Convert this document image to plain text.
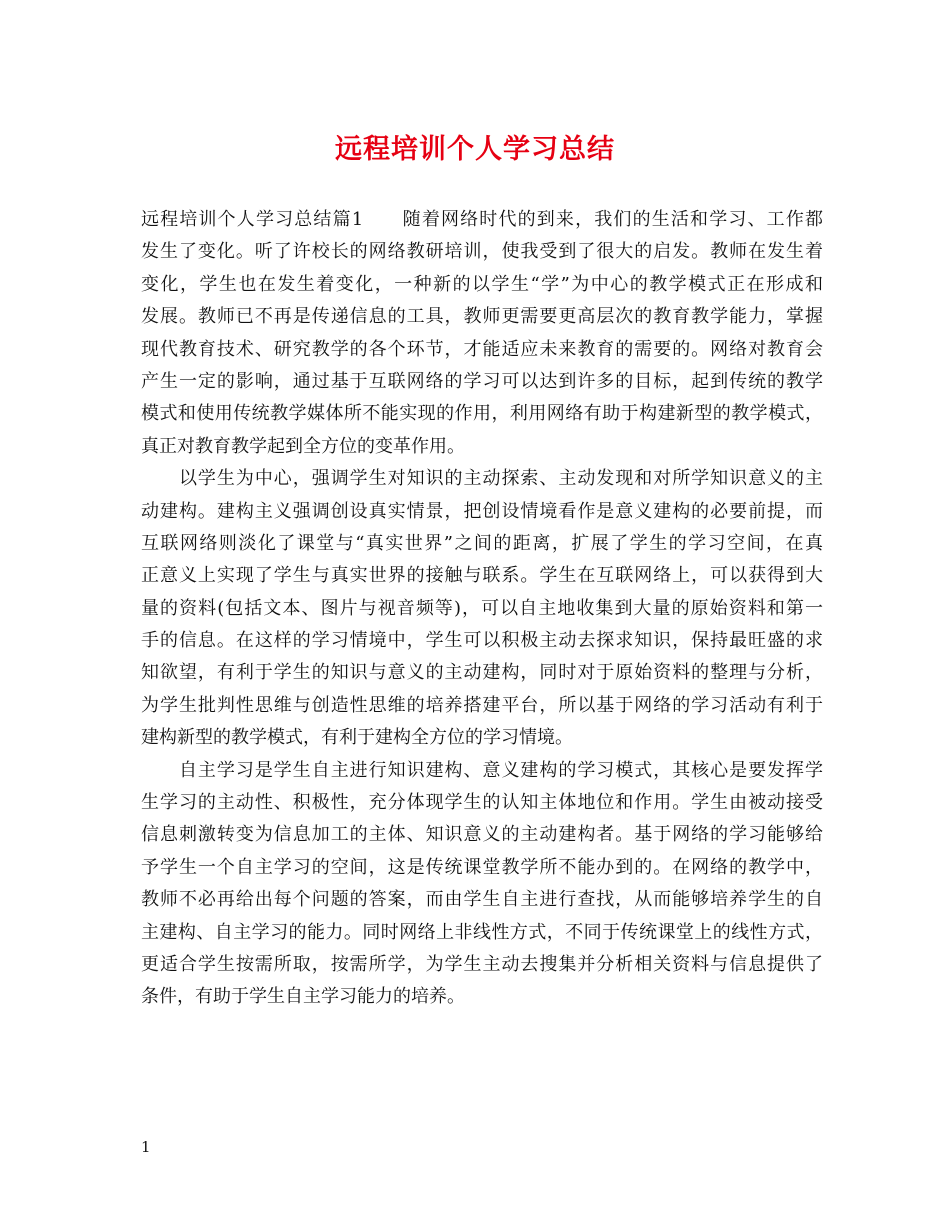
远程培训个人学习总结
远程培训个人学习总结篇1　　随着网络时代的到来，我们的生活和学习、工作都
发生了变化。听了许校长的网络教研培训，使我受到了很大的启发。教师在发生着
变化，学生也在发生着变化，一种新的以学生“学”为中心的教学模式正在形成和
发展。教师已不再是传递信息的工具，教师更需要更高层次的教育教学能力，掌握
现代教育技术、研究教学的各个环节，才能适应未来教育的需要的。网络对教育会
产生一定的影响，通过基于互联网络的学习可以达到许多的目标，起到传统的教学
模式和使用传统教学媒体所不能实现的作用，利用网络有助于构建新型的教学模式，
真正对教育教学起到全方位的变革作用。
　　以学生为中心，强调学生对知识的主动探索、主动发现和对所学知识意义的主
动建构。建构主义强调创设真实情景，把创设情境看作是意义建构的必要前提，而
互联网络则淡化了课堂与“真实世界”之间的距离，扩展了学生的学习空间，在真
正意义上实现了学生与真实世界的接触与联系。学生在互联网络上，可以获得到大
量的资料(包括文本、图片与视音频等)，可以自主地收集到大量的原始资料和第一
手的信息。在这样的学习情境中，学生可以积极主动去探求知识，保持最旺盛的求
知欲望，有利于学生的知识与意义的主动建构，同时对于原始资料的整理与分析，
为学生批判性思维与创造性思维的培养搭建平台，所以基于网络的学习活动有利于
建构新型的教学模式，有利于建构全方位的学习情境。
　　自主学习是学生自主进行知识建构、意义建构的学习模式，其核心是要发挥学
生学习的主动性、积极性，充分体现学生的认知主体地位和作用。学生由被动接受
信息刺激转变为信息加工的主体、知识意义的主动建构者。基于网络的学习能够给
予学生一个自主学习的空间，这是传统课堂教学所不能办到的。在网络的教学中，
教师不必再给出每个问题的答案，而由学生自主进行查找，从而能够培养学生的自
主建构、自主学习的能力。同时网络上非线性方式，不同于传统课堂上的线性方式，
更适合学生按需所取，按需所学，为学生主动去搜集并分析相关资料与信息提供了
条件，有助于学生自主学习能力的培养。
1
